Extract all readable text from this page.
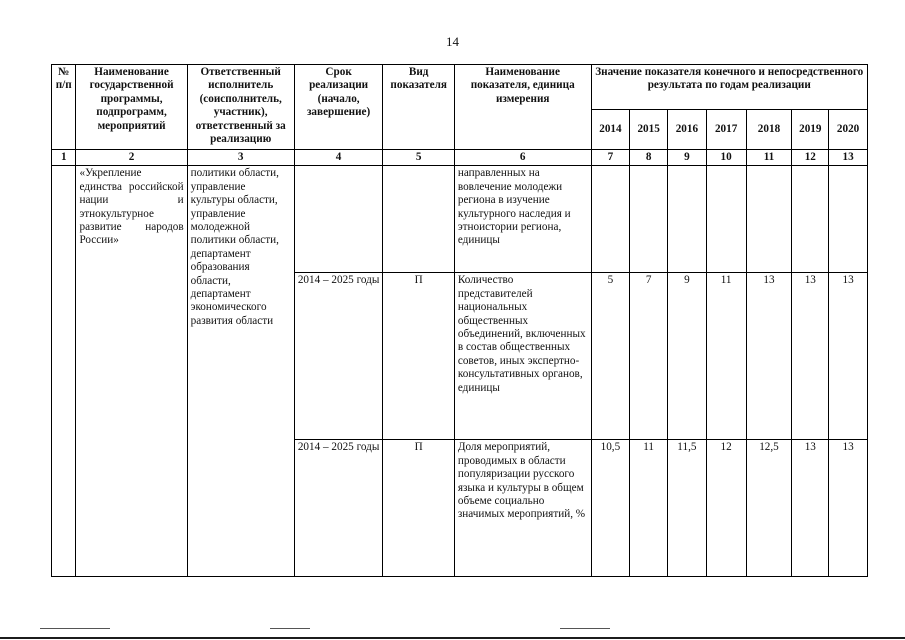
14
№ п/п	Наименование государственной программы, подпрограмм, мероприятий	Ответственный исполнитель (соисполнитель, участник), ответственный за реализацию	Срок реализации (начало, завершение)	Вид показателя	Наименование показателя, единица измерения	Значение показателя конечного и непосредственного результата по годам реализации						
						2014	2015	2016	2017	2018	2019	2020
1	2	3	4	5	6	7	8	9	10	11	12	13
	«Укрепление единства российской нации и этнокультурное развитие народов России»	политики области, управление культуры области, управление молодежной политики области, департамент образования области, департамент экономического развития области			направленных на вовлечение молодежи региона в изучение культурного наследия и этноистории региона, единицы							
			2014 – 2025 годы	П	Количество представителей национальных общественных объединений, включенных в состав общественных советов, иных экспертно-консультативных органов, единицы	5	7	9	11	13	13	13
			2014 – 2025 годы	П	Доля мероприятий, проводимых в области популяризации русского языка и культуры в общем объеме социально значимых мероприятий, %	10,5	11	11,5	12	12,5	13	13
